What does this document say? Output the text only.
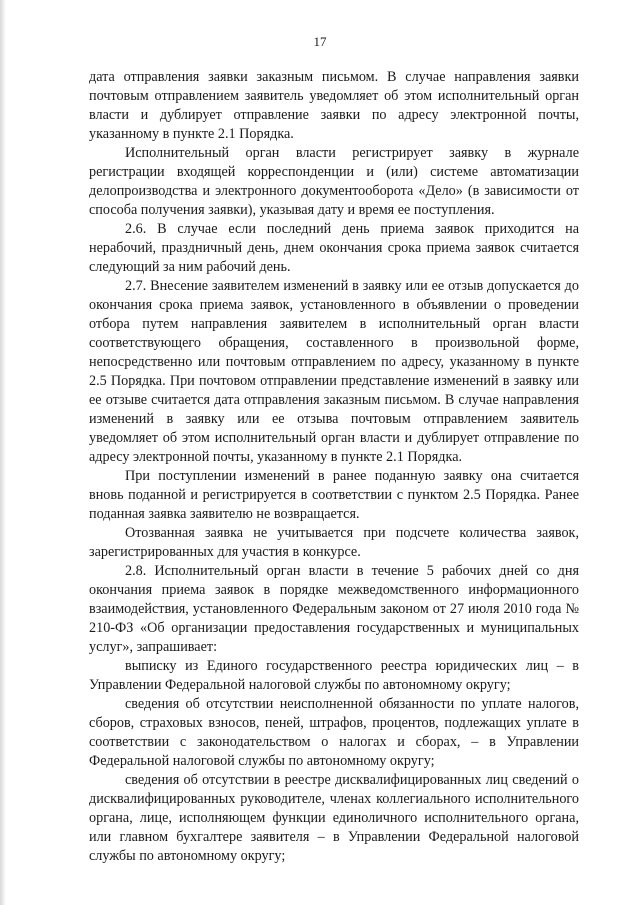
17

дата отправления заявки заказным письмом. В случае направления заявки почтовым отправлением заявитель уведомляет об этом исполнительный орган власти и дублирует отправление заявки по адресу электронной почты, указанному в пункте 2.1 Порядка.

Исполнительный орган власти регистрирует заявку в журнале регистрации входящей корреспонденции и (или) системе автоматизации делопроизводства и электронного документооборота «Дело» (в зависимости от способа получения заявки), указывая дату и время ее поступления.

2.6. В случае если последний день приема заявок приходится на нерабочий, праздничный день, днем окончания срока приема заявок считается следующий за ним рабочий день.

2.7. Внесение заявителем изменений в заявку или ее отзыв допускается до окончания срока приема заявок, установленного в объявлении о проведении отбора путем направления заявителем в исполнительный орган власти соответствующего обращения, составленного в произвольной форме, непосредственно или почтовым отправлением по адресу, указанному в пункте 2.5 Порядка. При почтовом отправлении представление изменений в заявку или ее отзыве считается дата отправления заказным письмом. В случае направления изменений в заявку или ее отзыва почтовым отправлением заявитель уведомляет об этом исполнительный орган власти и дублирует отправление по адресу электронной почты, указанному в пункте 2.1 Порядка.

При поступлении изменений в ранее поданную заявку она считается вновь поданной и регистрируется в соответствии с пунктом 2.5 Порядка. Ранее поданная заявка заявителю не возвращается.

Отозванная заявка не учитывается при подсчете количества заявок, зарегистрированных для участия в конкурсе.

2.8. Исполнительный орган власти в течение 5 рабочих дней со дня окончания приема заявок в порядке межведомственного информационного взаимодействия, установленного Федеральным законом от 27 июля 2010 года № 210-ФЗ «Об организации предоставления государственных и муниципальных услуг», запрашивает:

выписку из Единого государственного реестра юридических лиц – в Управлении Федеральной налоговой службы по автономному округу;

сведения об отсутствии неисполненной обязанности по уплате налогов, сборов, страховых взносов, пеней, штрафов, процентов, подлежащих уплате в соответствии с законодательством о налогах и сборах, – в Управлении Федеральной налоговой службы по автономному округу;

сведения об отсутствии в реестре дисквалифицированных лиц сведений о дисквалифицированных руководителе, членах коллегиального исполнительного органа, лице, исполняющем функции единоличного исполнительного органа, или главном бухгалтере заявителя – в Управлении Федеральной налоговой службы по автономному округу;
